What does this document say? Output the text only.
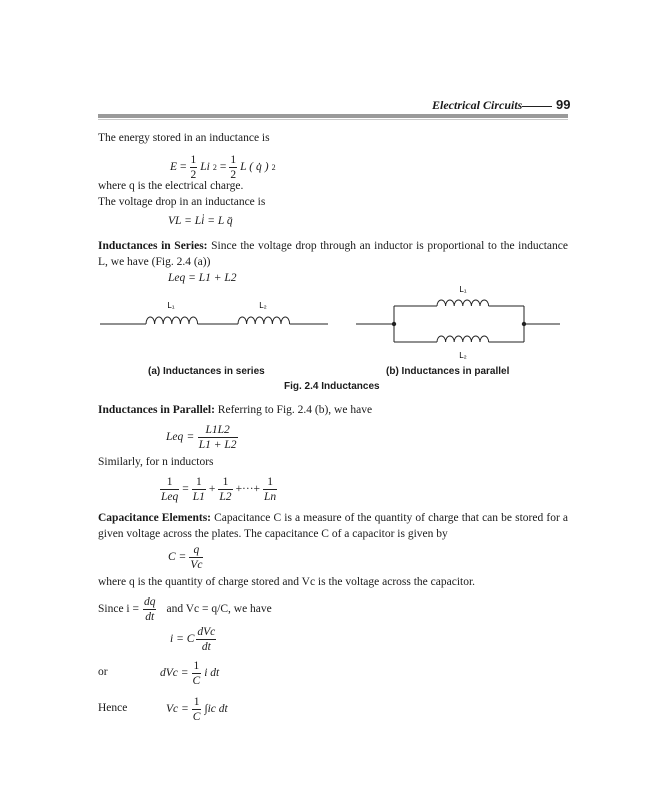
Electrical Circuits	99
The energy stored in an inductance is
$E = \frac{1}{2}$ Li $2 = \frac{1}{2}$ L ( q̇ ) 2
where q is the electrical charge.
The voltage drop in an inductance is
VL = Li̇ = L q̈
Inductances in Series: Since the voltage drop through an inductor is proportional to the inductance L, we have (Fig. 2.4 (a))
Leq = L1 + L2
L₁	L₂
L₁
L₂
(a) Inductances in series	(b) Inductances in parallel
Fig. 2.4 Inductances
Inductances in Parallel: Referring to Fig. 2.4 (b), we have
Leq = $\frac{L1L2}{L1 + L2}$
Similarly, for n inductors
1
Leq
= $\frac{1}{L1} + \frac{1}{L2}$ +···+ $\frac{1}{Ln}$
Capacitance Elements: Capacitance C is a measure of the quantity of charge that can be stored for a given voltage across the plates. The capacitance C of a capacitor is given by
$C = \frac{q}{Vc}$
where q is the quantity of charge stored and Vc is the voltage across the capacitor.
Since $i = \frac{dq}{dt}$ and Vc = q/C, we have
i = C
dVc
dt
or	dVc = $\frac{1}{C}$ i dt
Hence	$Vc = \frac{1}{C} \int ic$ dt
